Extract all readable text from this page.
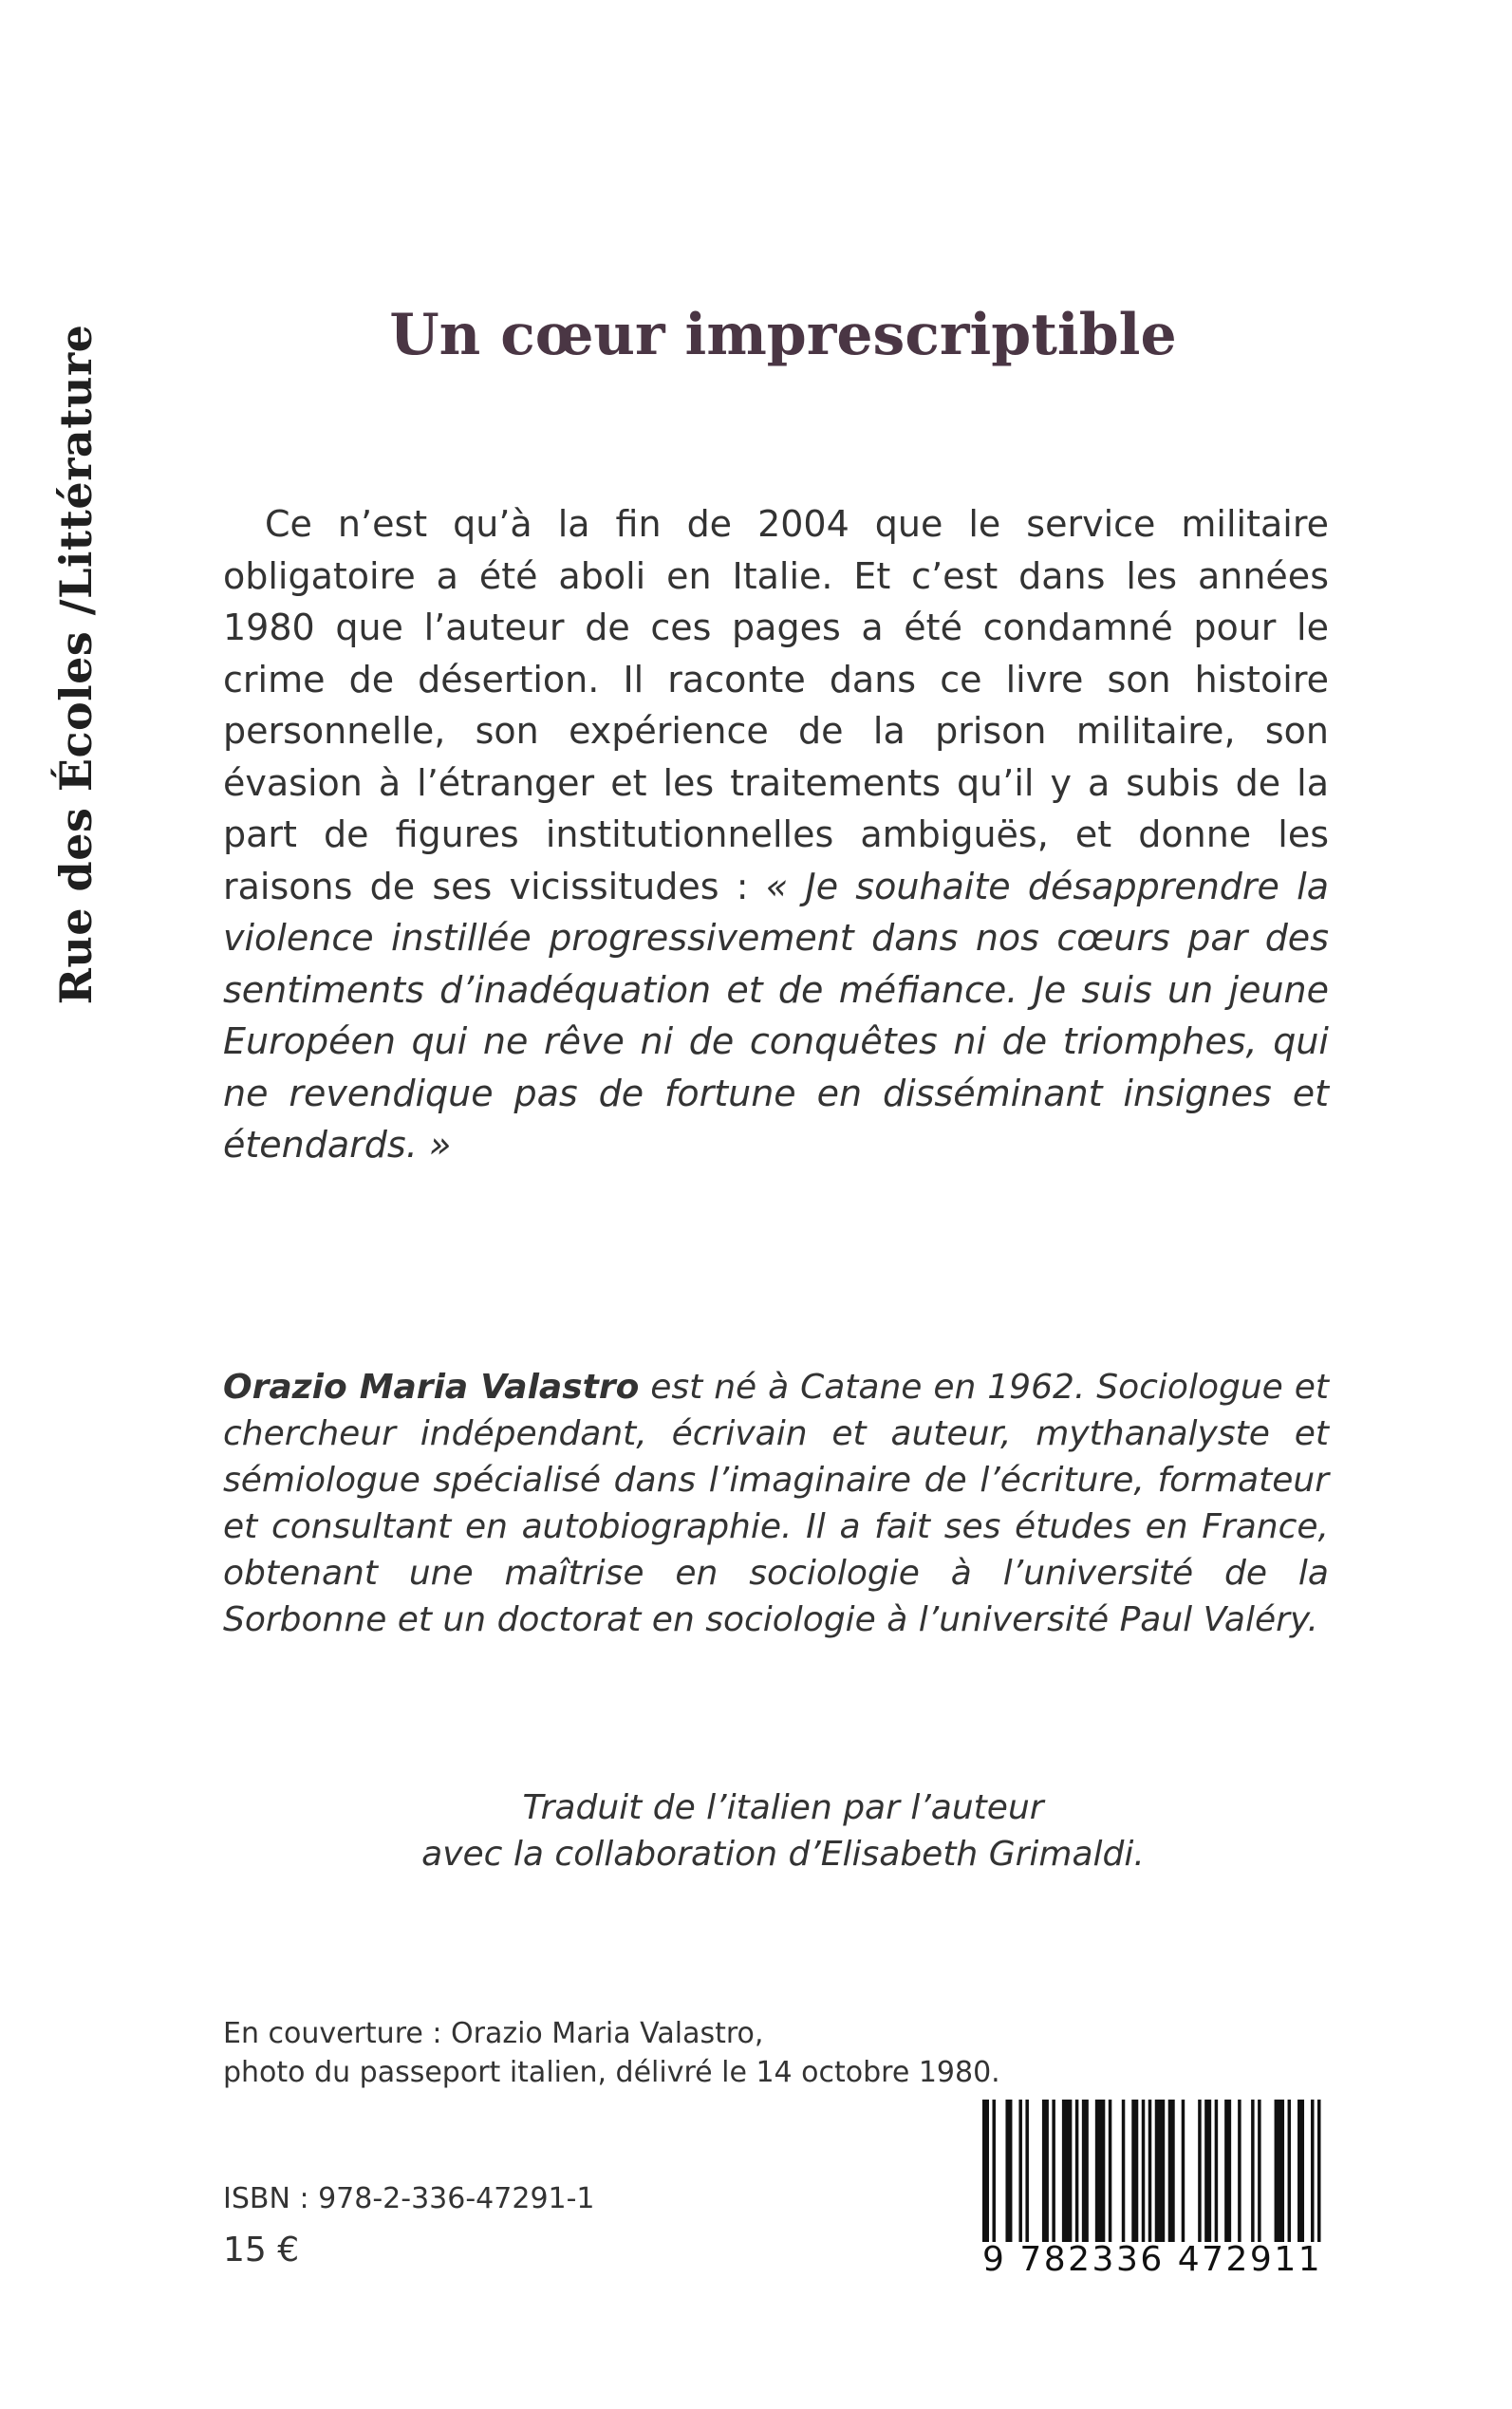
Rue des Écoles /Littérature	Un cœur imprescriptible

Ce n’est qu’à la fin de 2004 que le service militaire obligatoire a été aboli en Italie. Et c’est dans les années 1980 que l’auteur de ces pages a été condamné pour le crime de désertion. Il raconte dans ce livre son histoire personnelle, son expérience de la prison militaire, son évasion à l’étranger et les traitements qu’il y a subis de la part de figures institutionnelles ambiguës, et donne les raisons de ses vicissitudes : « Je souhaite désapprendre la violence instillée progressivement dans nos cœurs par des sentiments d’inadéquation et de méfiance. Je suis un jeune Européen qui ne rêve ni de conquêtes ni de triomphes, qui ne revendique pas de fortune en disséminant insignes et étendards. »

Orazio Maria Valastro est né à Catane en 1962. Sociologue et chercheur indépendant, écrivain et auteur, mythanalyste et sémiologue spécialisé dans l’imaginaire de l’écriture, formateur et consultant en autobiographie. Il a fait ses études en France, obtenant une maîtrise en sociologie à l’université de la Sorbonne et un doctorat en sociologie à l’université Paul Valéry.

Traduit de l’italien par l’auteur
avec la collaboration d’Elisabeth Grimaldi.
En couverture : Orazio Maria Valastro,
photo du passeport italien, délivré le 14 octobre 1980.
ISBN : 978-2-336-47291-1
15 €	9 782336 472911
